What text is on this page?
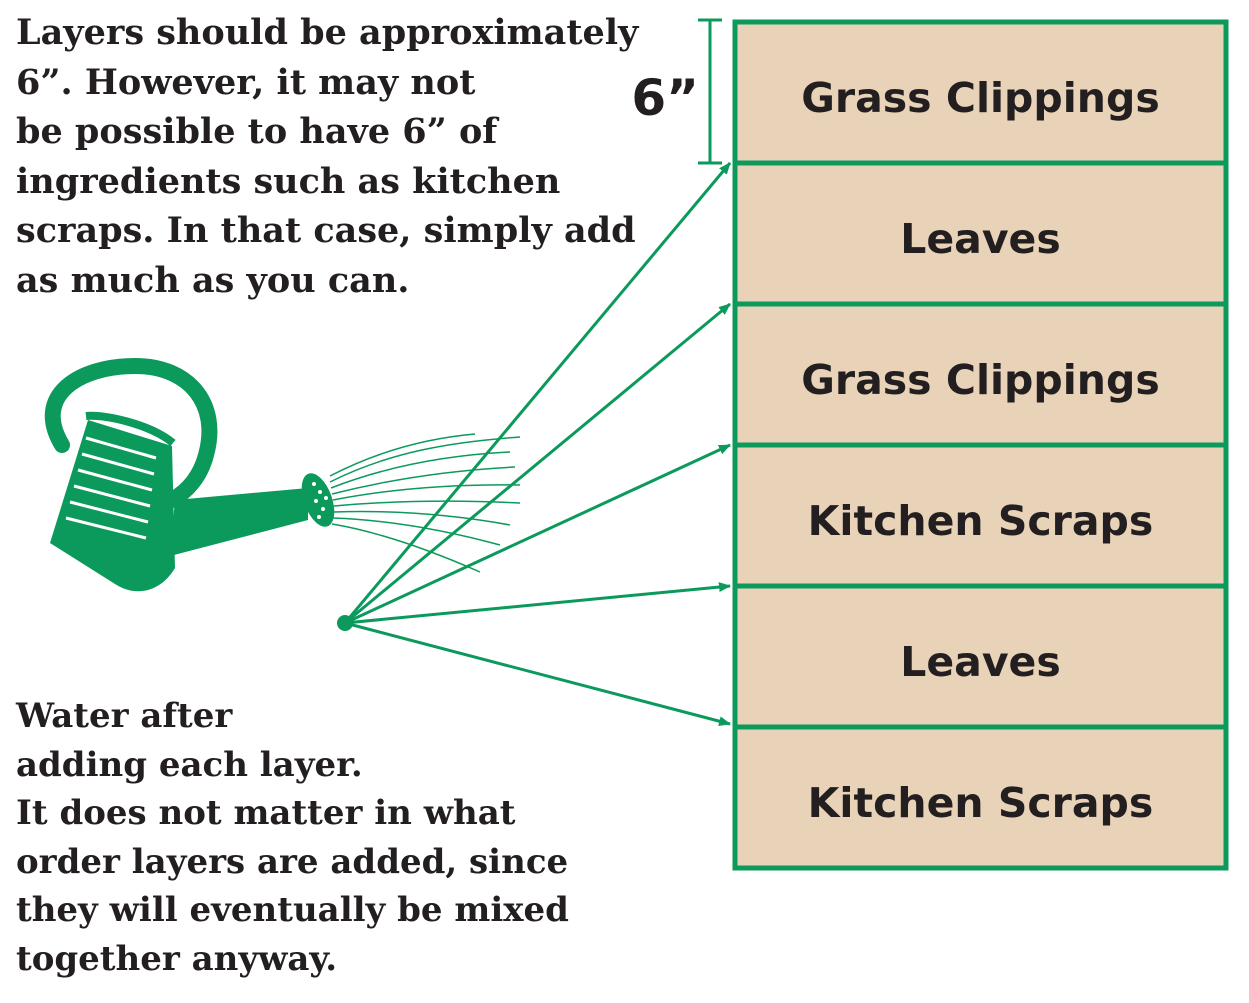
Grass Clippings
Leaves
Grass Clippings
Kitchen Scraps
Leaves
Kitchen Scraps
6”

Layers should be approximately
6”. However, it may not
be possible to have 6” of
ingredients such as kitchen
scraps. In that case, simply add
as much as you can.

Water after
adding each layer.
It does not matter in what
order layers are added, since
they will eventually be mixed
together anyway.
